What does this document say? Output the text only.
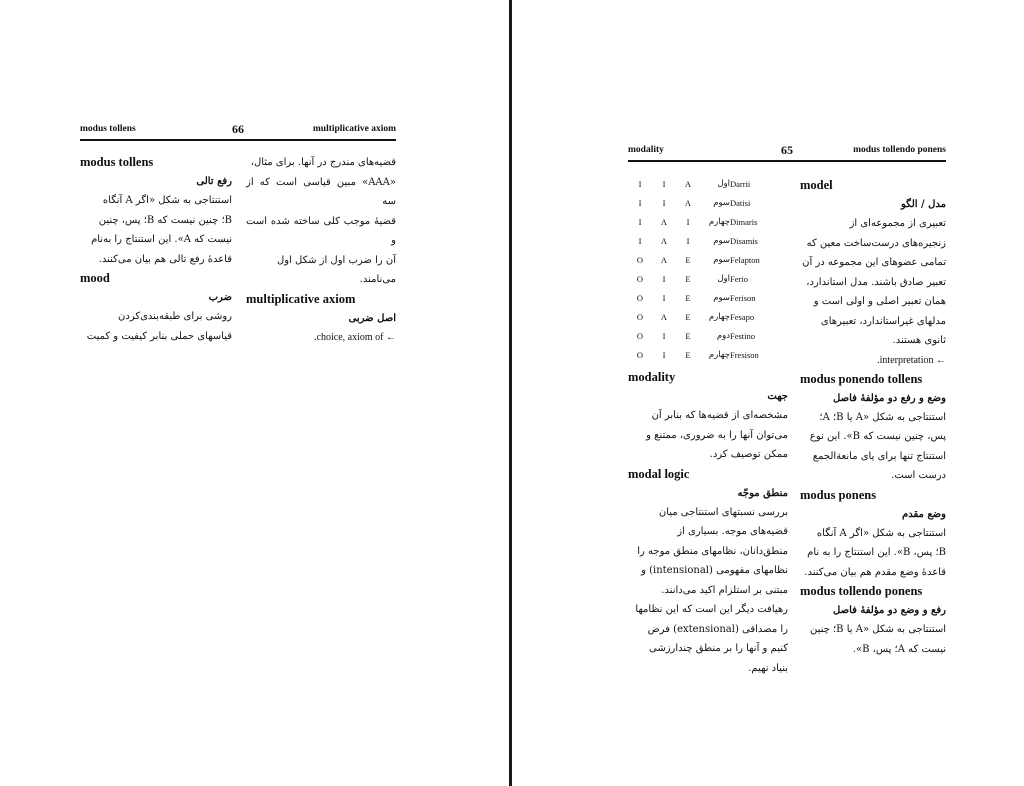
modus tollens	66	multiplicative axiom
modus tollens
رفع تالی
استنتاجی به شکل «اگر A آنگاه
B؛ چنین نیست که B؛ پس، چنین
نیست که A». این استنتاج را به‌نام
قاعدهٔ رفع تالی هم بیان می‌کنند.
mood
ضرب
روشی برای طبقه‌بندی‌کردن
قیاسهای حملی بنابر کیفیت و کمیت
قضیه‌های مندرج در آنها. برای مثال،
«AAA» مبین قیاسی است که از سه
قضیهٔ موجب کلی ساخته شده است و
آن را ضرب اول از شکل اول
می‌نامند.
multiplicative axiom
اصل ضربی
← choice, axiom of.
modality	65	modus tollendo ponens
I	I	A	اول	Darrii
I	I	A	سوم	Datisi
I	A	I	چهارم	Dimaris
I	A	I	سوم	Disamis
O	A	E	سوم	Felapton
O	I	E	اول	Ferio
O	I	E	سوم	Ferison
O	A	E	چهارم	Fesapo
O	I	E	دوم	Festino
O	I	E	چهارم	Fresison
modality
جهت
مشخصه‌ای از قضیه‌ها که بنابر آن
می‌توان آنها را به ضروری، ممتنع و
ممکن توصیف کرد.
modal logic
منطق موجّه
بررسی نسبتهای استنتاجی میان
قضیه‌های موجه. بسیاری از
منطق‌دانان، نظامهای منطق موجه را
نظامهای مفهومی (intensional) و
مبتنی بر استلزام اکید می‌دانند.
رهیافت دیگر این است که این نظامها
را مصداقی (extensional) فرض
کنیم و آنها را بر منطق چندارزشی
بنیاد نهیم.
model
مدل / الگو
تعبیری از مجموعه‌ای از
زنجیره‌های درست‌ساخت معین که
تمامی عضوهای این مجموعه در آن
تعبیر صادق باشند. مدل استاندارد،
همان تعبیر اصلی و اولی است و
مدلهای غیراستاندارد، تعبیرهای
ثانوی هستند.
← interpretation.
modus ponendo tollens
وضع و رفع دو مؤلفهٔ فاصل
استنتاجی به شکل «A یا B؛ A؛
پس، چنین نیست که B». این نوع
استنتاج تنها برای یای مانعةالجمع
درست است.
modus ponens
وضع مقدم
استنتاجی به شکل «اگر A آنگاه
B؛ پس، B». این استنتاج را به نام
قاعدهٔ وضع مقدم هم بیان می‌کنند.
modus tollendo ponens
رفع و وضع دو مؤلفهٔ فاصل
استنتاجی به شکل «A یا B؛ چنین
نیست که A؛ پس، B».
